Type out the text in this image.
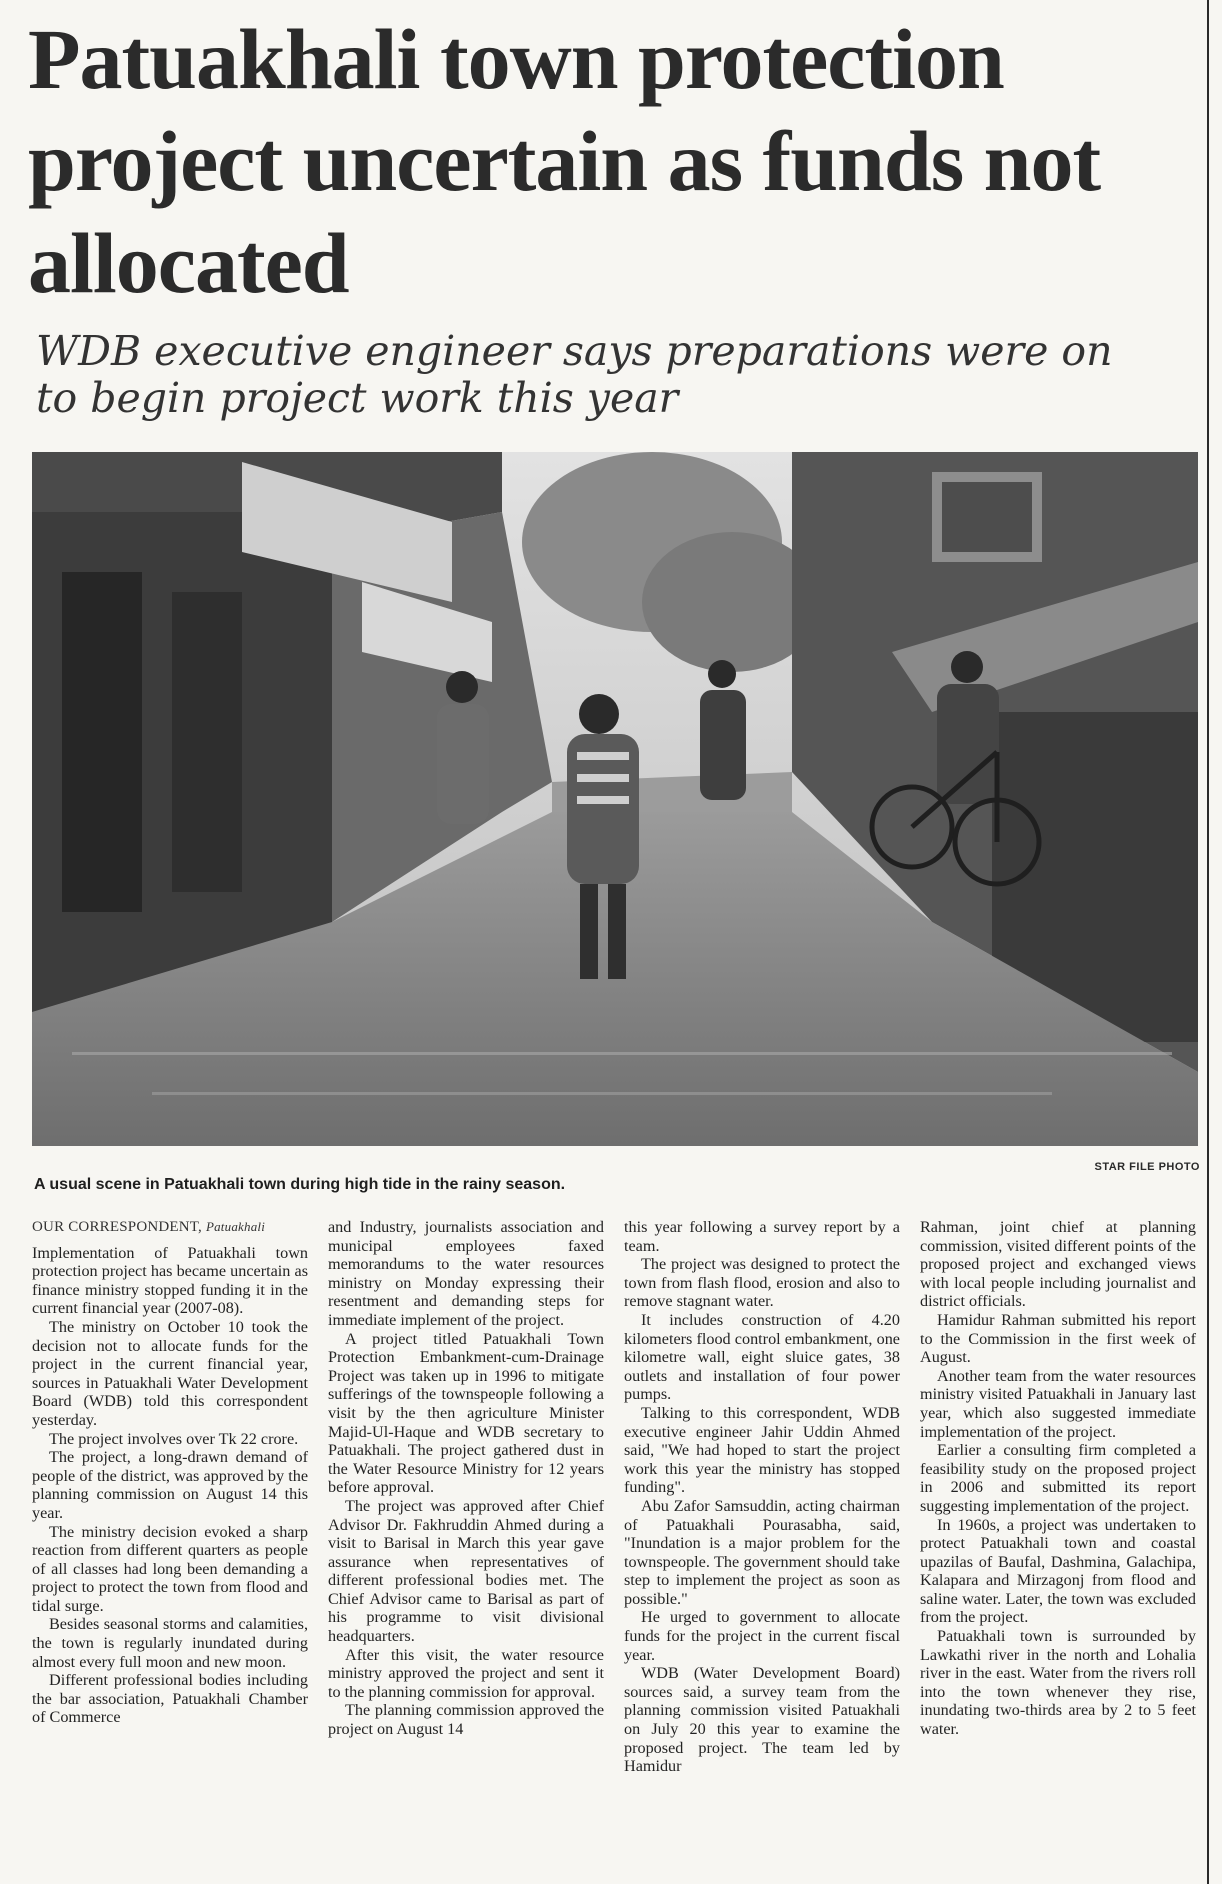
Patuakhali town protection project uncertain as funds not allocated

WDB executive engineer says preparations were on to begin project work this year

STAR FILE PHOTO

A usual scene in Patuakhali town during high tide in the rainy season.

OUR CORRESPONDENT, Patuakhali

Implementation of Patuakhali town protection project has became uncertain as finance ministry stopped funding it in the current financial year (2007-08).

The ministry on October 10 took the decision not to allocate funds for the project in the current financial year, sources in Patuakhali Water Development Board (WDB) told this correspondent yesterday.

The project involves over Tk 22 crore.

The project, a long-drawn demand of people of the district, was approved by the planning commission on August 14 this year.

The ministry decision evoked a sharp reaction from different quarters as people of all classes had long been demanding a project to protect the town from flood and tidal surge.

Besides seasonal storms and calamities, the town is regularly inundated during almost every full moon and new moon.

Different professional bodies including the bar association, Patuakhali Chamber of Commerce

and Industry, journalists association and municipal employees faxed memorandums to the water resources ministry on Monday expressing their resentment and demanding steps for immediate implement of the project.

A project titled Patuakhali Town Protection Embankment-cum-Drainage Project was taken up in 1996 to mitigate sufferings of the townspeople following a visit by the then agriculture Minister Majid-Ul-Haque and WDB secretary to Patuakhali. The project gathered dust in the Water Resource Ministry for 12 years before approval.

The project was approved after Chief Advisor Dr. Fakhruddin Ahmed during a visit to Barisal in March this year gave assurance when representatives of different professional bodies met. The Chief Advisor came to Barisal as part of his programme to visit divisional headquarters.

After this visit, the water resource ministry approved the project and sent it to the planning commission for approval.

The planning commission approved the project on August 14

this year following a survey report by a team.

The project was designed to protect the town from flash flood, erosion and also to remove stagnant water.

It includes construction of 4.20 kilometers flood control embankment, one kilometre wall, eight sluice gates, 38 outlets and installation of four power pumps.

Talking to this correspondent, WDB executive engineer Jahir Uddin Ahmed said, "We had hoped to start the project work this year the ministry has stopped funding".

Abu Zafor Samsuddin, acting chairman of Patuakhali Pourasabha, said, "Inundation is a major problem for the townspeople. The government should take step to implement the project as soon as possible."

He urged to government to allocate funds for the project in the current fiscal year.

WDB (Water Development Board) sources said, a survey team from the planning commission visited Patuakhali on July 20 this year to examine the proposed project. The team led by Hamidur

Rahman, joint chief at planning commission, visited different points of the proposed project and exchanged views with local people including journalist and district officials.

Hamidur Rahman submitted his report to the Commission in the first week of August.

Another team from the water resources ministry visited Patuakhali in January last year, which also suggested immediate implementation of the project.

Earlier a consulting firm completed a feasibility study on the proposed project in 2006 and submitted its report suggesting implementation of the project.

In 1960s, a project was undertaken to protect Patuakhali town and coastal upazilas of Baufal, Dashmina, Galachipa, Kalapara and Mirzagonj from flood and saline water. Later, the town was excluded from the project.

Patuakhali town is surrounded by Lawkathi river in the north and Lohalia river in the east. Water from the rivers roll into the town whenever they rise, inundating two-thirds area by 2 to 5 feet water.
